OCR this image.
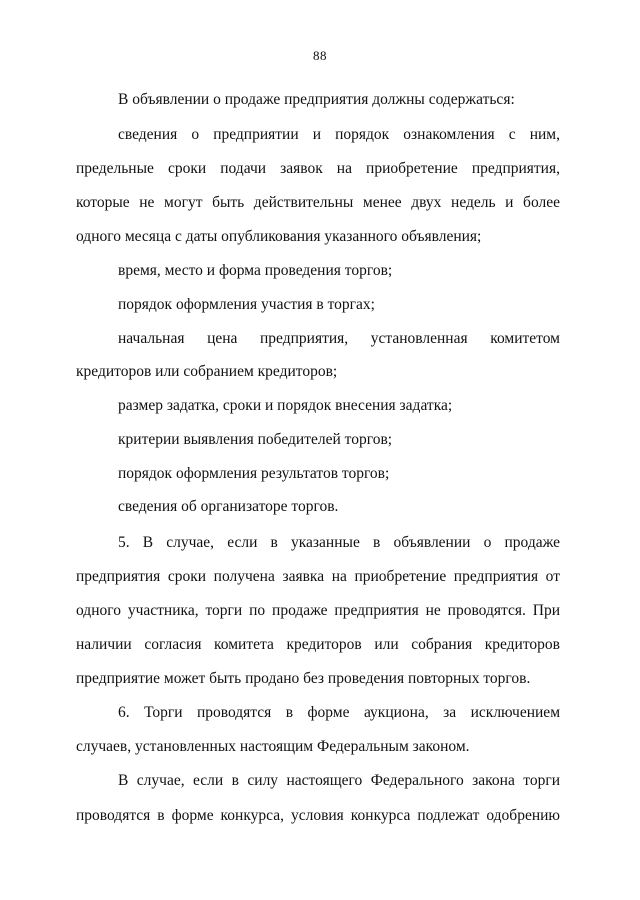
88
В объявлении о продаже предприятия должны содержаться:
сведения о предприятии и порядок ознакомления с ним,
предельные сроки подачи заявок на приобретение предприятия,
которые не могут быть действительны менее двух недель и более
одного месяца с даты опубликования указанного объявления;
время, место и форма проведения торгов;
порядок оформления участия в торгах;
начальная цена предприятия, установленная комитетом
кредиторов или собранием кредиторов;
размер задатка, сроки и порядок внесения задатка;
критерии выявления победителей торгов;
порядок оформления результатов торгов;
сведения об организаторе торгов.
5. В случае, если в указанные в объявлении о продаже
предприятия сроки получена заявка на приобретение предприятия от
одного участника, торги по продаже предприятия не проводятся. При
наличии согласия комитета кредиторов или собрания кредиторов
предприятие может быть продано без проведения повторных торгов.
6. Торги проводятся в форме аукциона, за исключением
случаев, установленных настоящим Федеральным законом.
В случае, если в силу настоящего Федерального закона торги
проводятся в форме конкурса, условия конкурса подлежат одобрению
